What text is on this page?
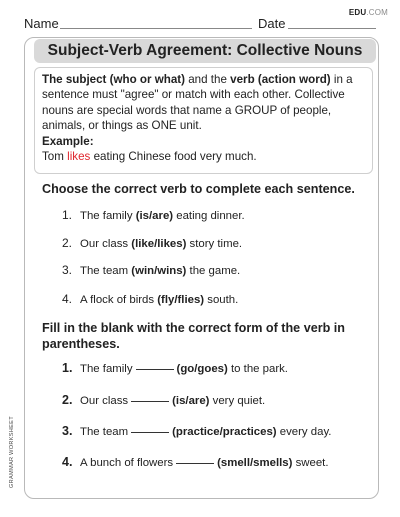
Name	Date
EDU.COM
Subject-Verb Agreement: Collective Nouns
The subject (who or what) and the verb (action word) in a
sentence must "agree" or match with each other. Collective
nouns are special words that name a GROUP of people,
animals, or things as ONE unit.
Example:
Tom likes eating Chinese food very much.
Choose the correct verb to complete each sentence.
1. The family
(is/are)
eating dinner.
2. Our class
(like/likes)
story time.
3. The team
(win/wins)
the game.
4. A flock of birds
(fly/flies)
south.
Fill in the blank with the correct form of the verb in
parentheses.
1. The family	(go/goes)
to the park.
2. Our class	(is/are)
very quiet.
3. The team	(practice/practices)
every day.
4. A bunch of flowers	(smell/smells)
sweet.
GRAMMAR WORKSHEET
